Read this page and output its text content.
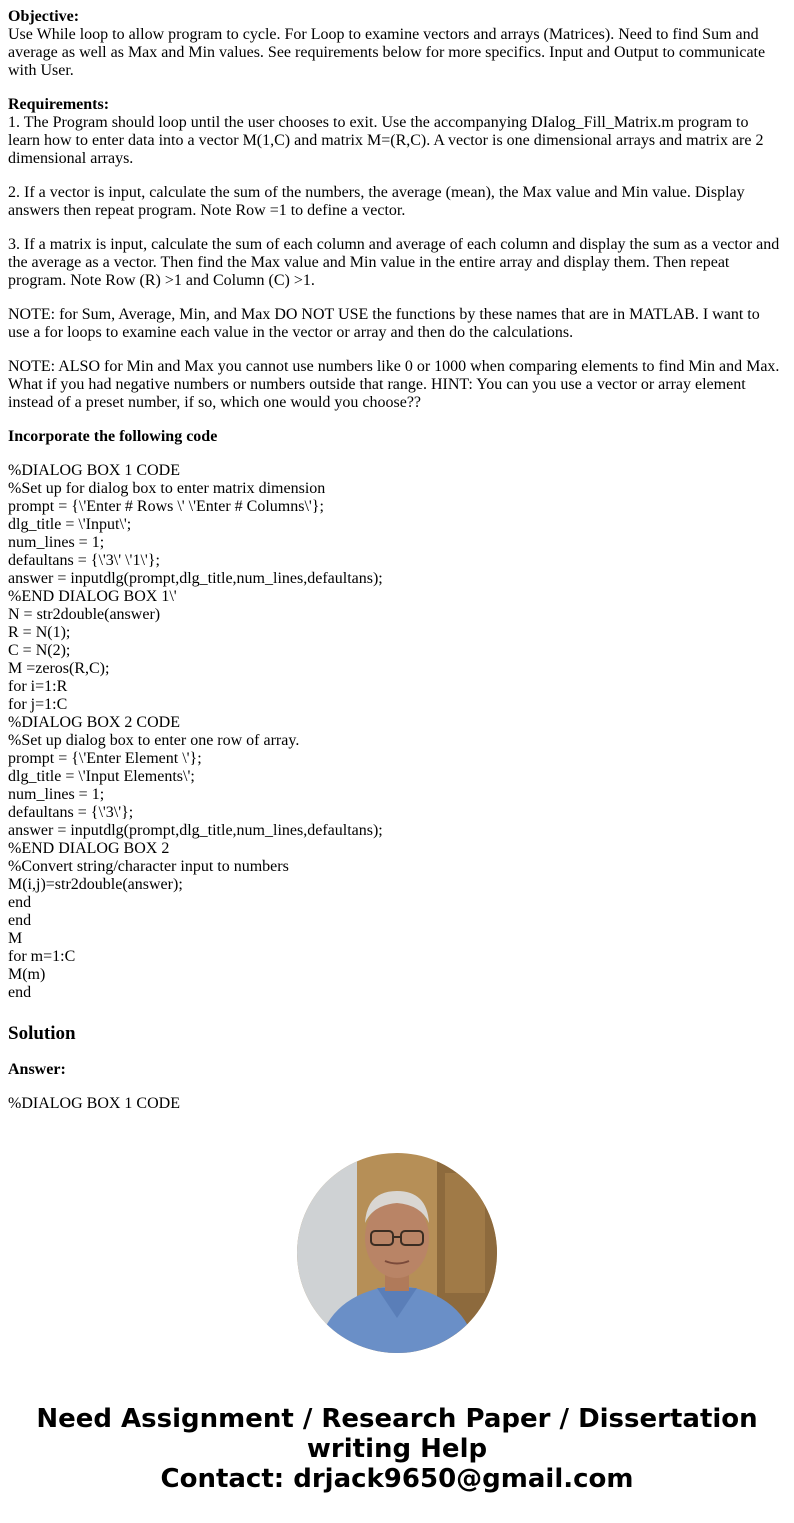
Objective:
Use While loop to allow program to cycle. For Loop to examine vectors and arrays (Matrices). Need to find Sum and average as well as Max and Min values. See requirements below for more specifics. Input and Output to communicate with User.
Requirements:
1. The Program should loop until the user chooses to exit. Use the accompanying DIalog_Fill_Matrix.m program to learn how to enter data into a vector M(1,C) and matrix M=(R,C). A vector is one dimensional arrays and matrix are 2 dimensional arrays.
2. If a vector is input, calculate the sum of the numbers, the average (mean), the Max value and Min value. Display answers then repeat program. Note Row =1 to define a vector.
3. If a matrix is input, calculate the sum of each column and average of each column and display the sum as a vector and the average as a vector. Then find the Max value and Min value in the entire array and display them. Then repeat program. Note Row (R) >1 and Column (C) >1.
NOTE: for Sum, Average, Min, and Max DO NOT USE the functions by these names that are in MATLAB. I want to use a for loops to examine each value in the vector or array and then do the calculations.
NOTE: ALSO for Min and Max you cannot use numbers like 0 or 1000 when comparing elements to find Min and Max. What if you had negative numbers or numbers outside that range. HINT: You can you use a vector or array element instead of a preset number, if so, which one would you choose??
Incorporate the following code
%DIALOG BOX 1 CODE
%Set up for dialog box to enter matrix dimension
prompt = {\'Enter # Rows \' \'Enter # Columns\'};
dlg_title = \'Input\';
num_lines = 1;
defaultans = {\'3\' \'1\'};
answer = inputdlg(prompt,dlg_title,num_lines,defaultans);
%END DIALOG BOX 1\'
N = str2double(answer)
R = N(1);
C = N(2);
M =zeros(R,C);
for i=1:R
for j=1:C
%DIALOG BOX 2 CODE
%Set up dialog box to enter one row of array.
prompt = {\'Enter Element \'};
dlg_title = \'Input Elements\';
num_lines = 1;
defaultans = {\'3\'};
answer = inputdlg(prompt,dlg_title,num_lines,defaultans);
%END DIALOG BOX 2
%Convert string/character input to numbers
M(i,j)=str2double(answer);
end
end
M
for m=1:C
M(m)
end
Solution
Answer:
%DIALOG BOX 1 CODE
Need Assignment / Research Paper / Dissertation writing Help
Contact: drjack9650@gmail.com
